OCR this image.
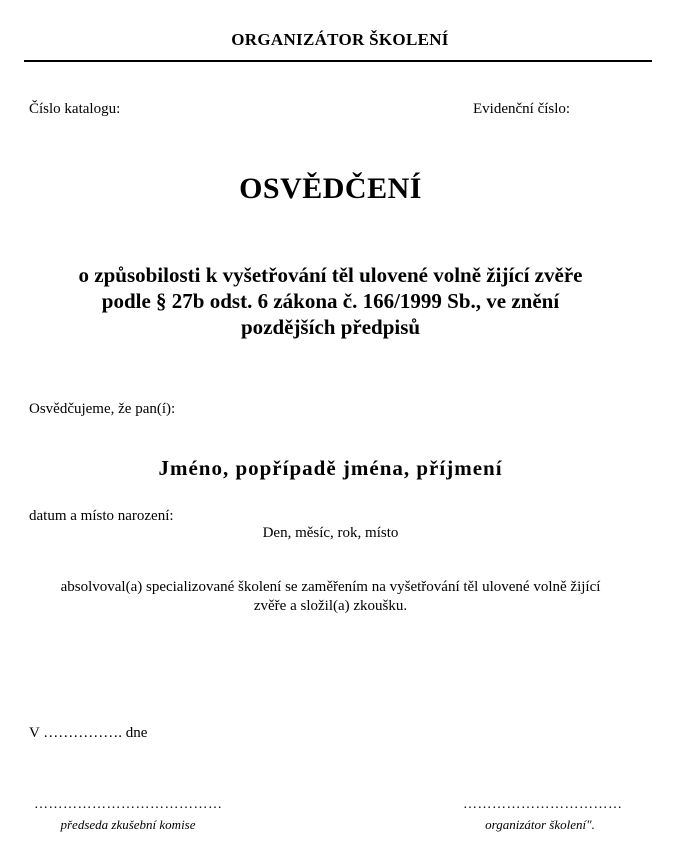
ORGANIZÁTOR ŠKOLENÍ
Číslo katalogu:	Evidenční číslo:
OSVĚDČENÍ
o způsobilosti k vyšetřování těl ulovené volně žijící zvěře
podle § 27b odst. 6 zákona č. 166/1999 Sb., ve znění
pozdějších předpisů
Osvědčujeme, že pan(í):
Jméno, popřípadě jména, příjmení
datum a místo narození:
Den, měsíc, rok, místo
absolvoval(a) specializované školení se zaměřením na vyšetřování těl ulovené volně žijící
zvěře a složil(a) zkoušku.
V ……………. dne
…………………………………	……………………………
předseda zkušební komise	organizátor školení".
